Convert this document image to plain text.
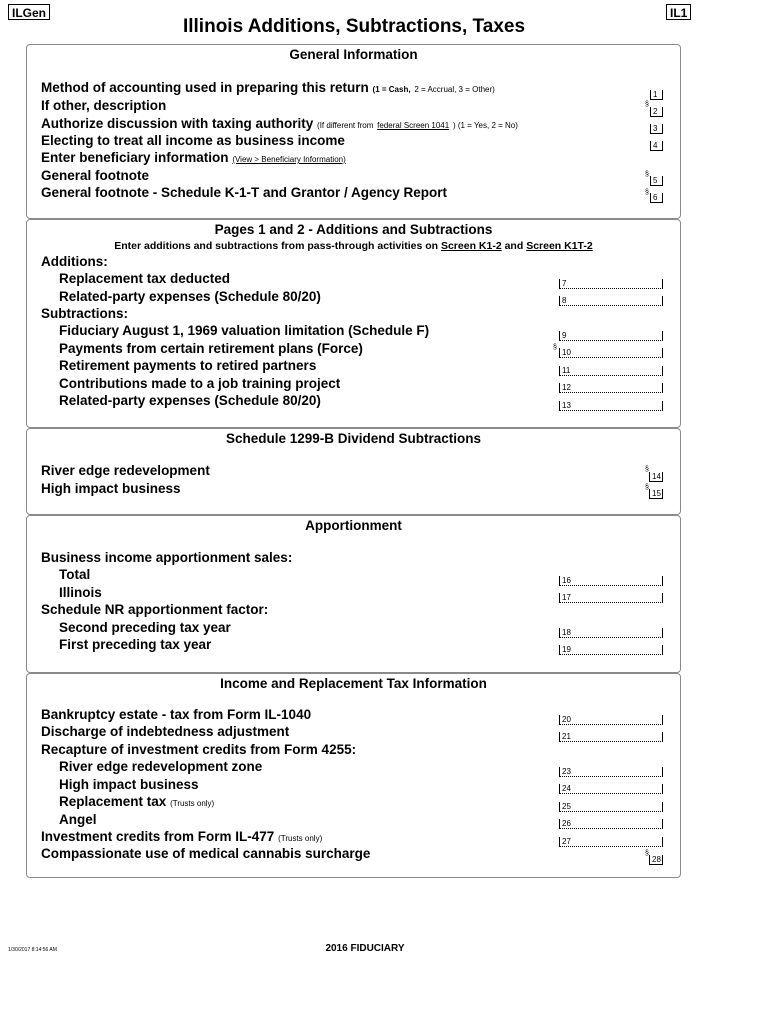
ILGen	IL1
Illinois Additions, Subtractions, Taxes
General Information
Method of accounting used in preparing this return (1 = Cash, 2 = Accrual, 3 = Other)
If other, description
Authorize discussion with taxing authority (If different from federal Screen 1041 ) (1 = Yes, 2 = No)
Electing to treat all income as business income
Enter beneficiary information (View > Beneficiary Information)
General footnote
General footnote - Schedule K-1-T and Grantor / Agency Report
1
§
2
3
4
§
5
§
6
Pages 1 and 2 - Additions and Subtractions
Enter additions and subtractions from pass-through activities on Screen K1-2 and Screen K1T-2
Additions:
Replacement tax deducted
Related-party expenses (Schedule 80/20)
Subtractions:
Fiduciary August 1, 1969 valuation limitation (Schedule F)
Payments from certain retirement plans (Force)
Retirement payments to retired partners
Contributions made to a job training project
Related-party expenses (Schedule 80/20)
7
8
9
§
10
11
12
13
Schedule 1299-B Dividend Subtractions
River edge redevelopment
High impact business
§
14
§
15
Apportionment
Business income apportionment sales:
Total
Illinois
Schedule NR apportionment factor:
Second preceding tax year
First preceding tax year
16
17
18
19
Income and Replacement Tax Information
Bankruptcy estate - tax from Form IL-1040
Discharge of indebtedness adjustment
Recapture of investment credits from Form 4255:
River edge redevelopment zone
High impact business
Replacement tax (Trusts only)
Angel
Investment credits from Form IL-477 (Trusts only)
Compassionate use of medical cannabis surcharge
20
21
23
24
25
26
27
§
28
1/30/2017 8:14:56 AM	2016 FIDUCIARY
